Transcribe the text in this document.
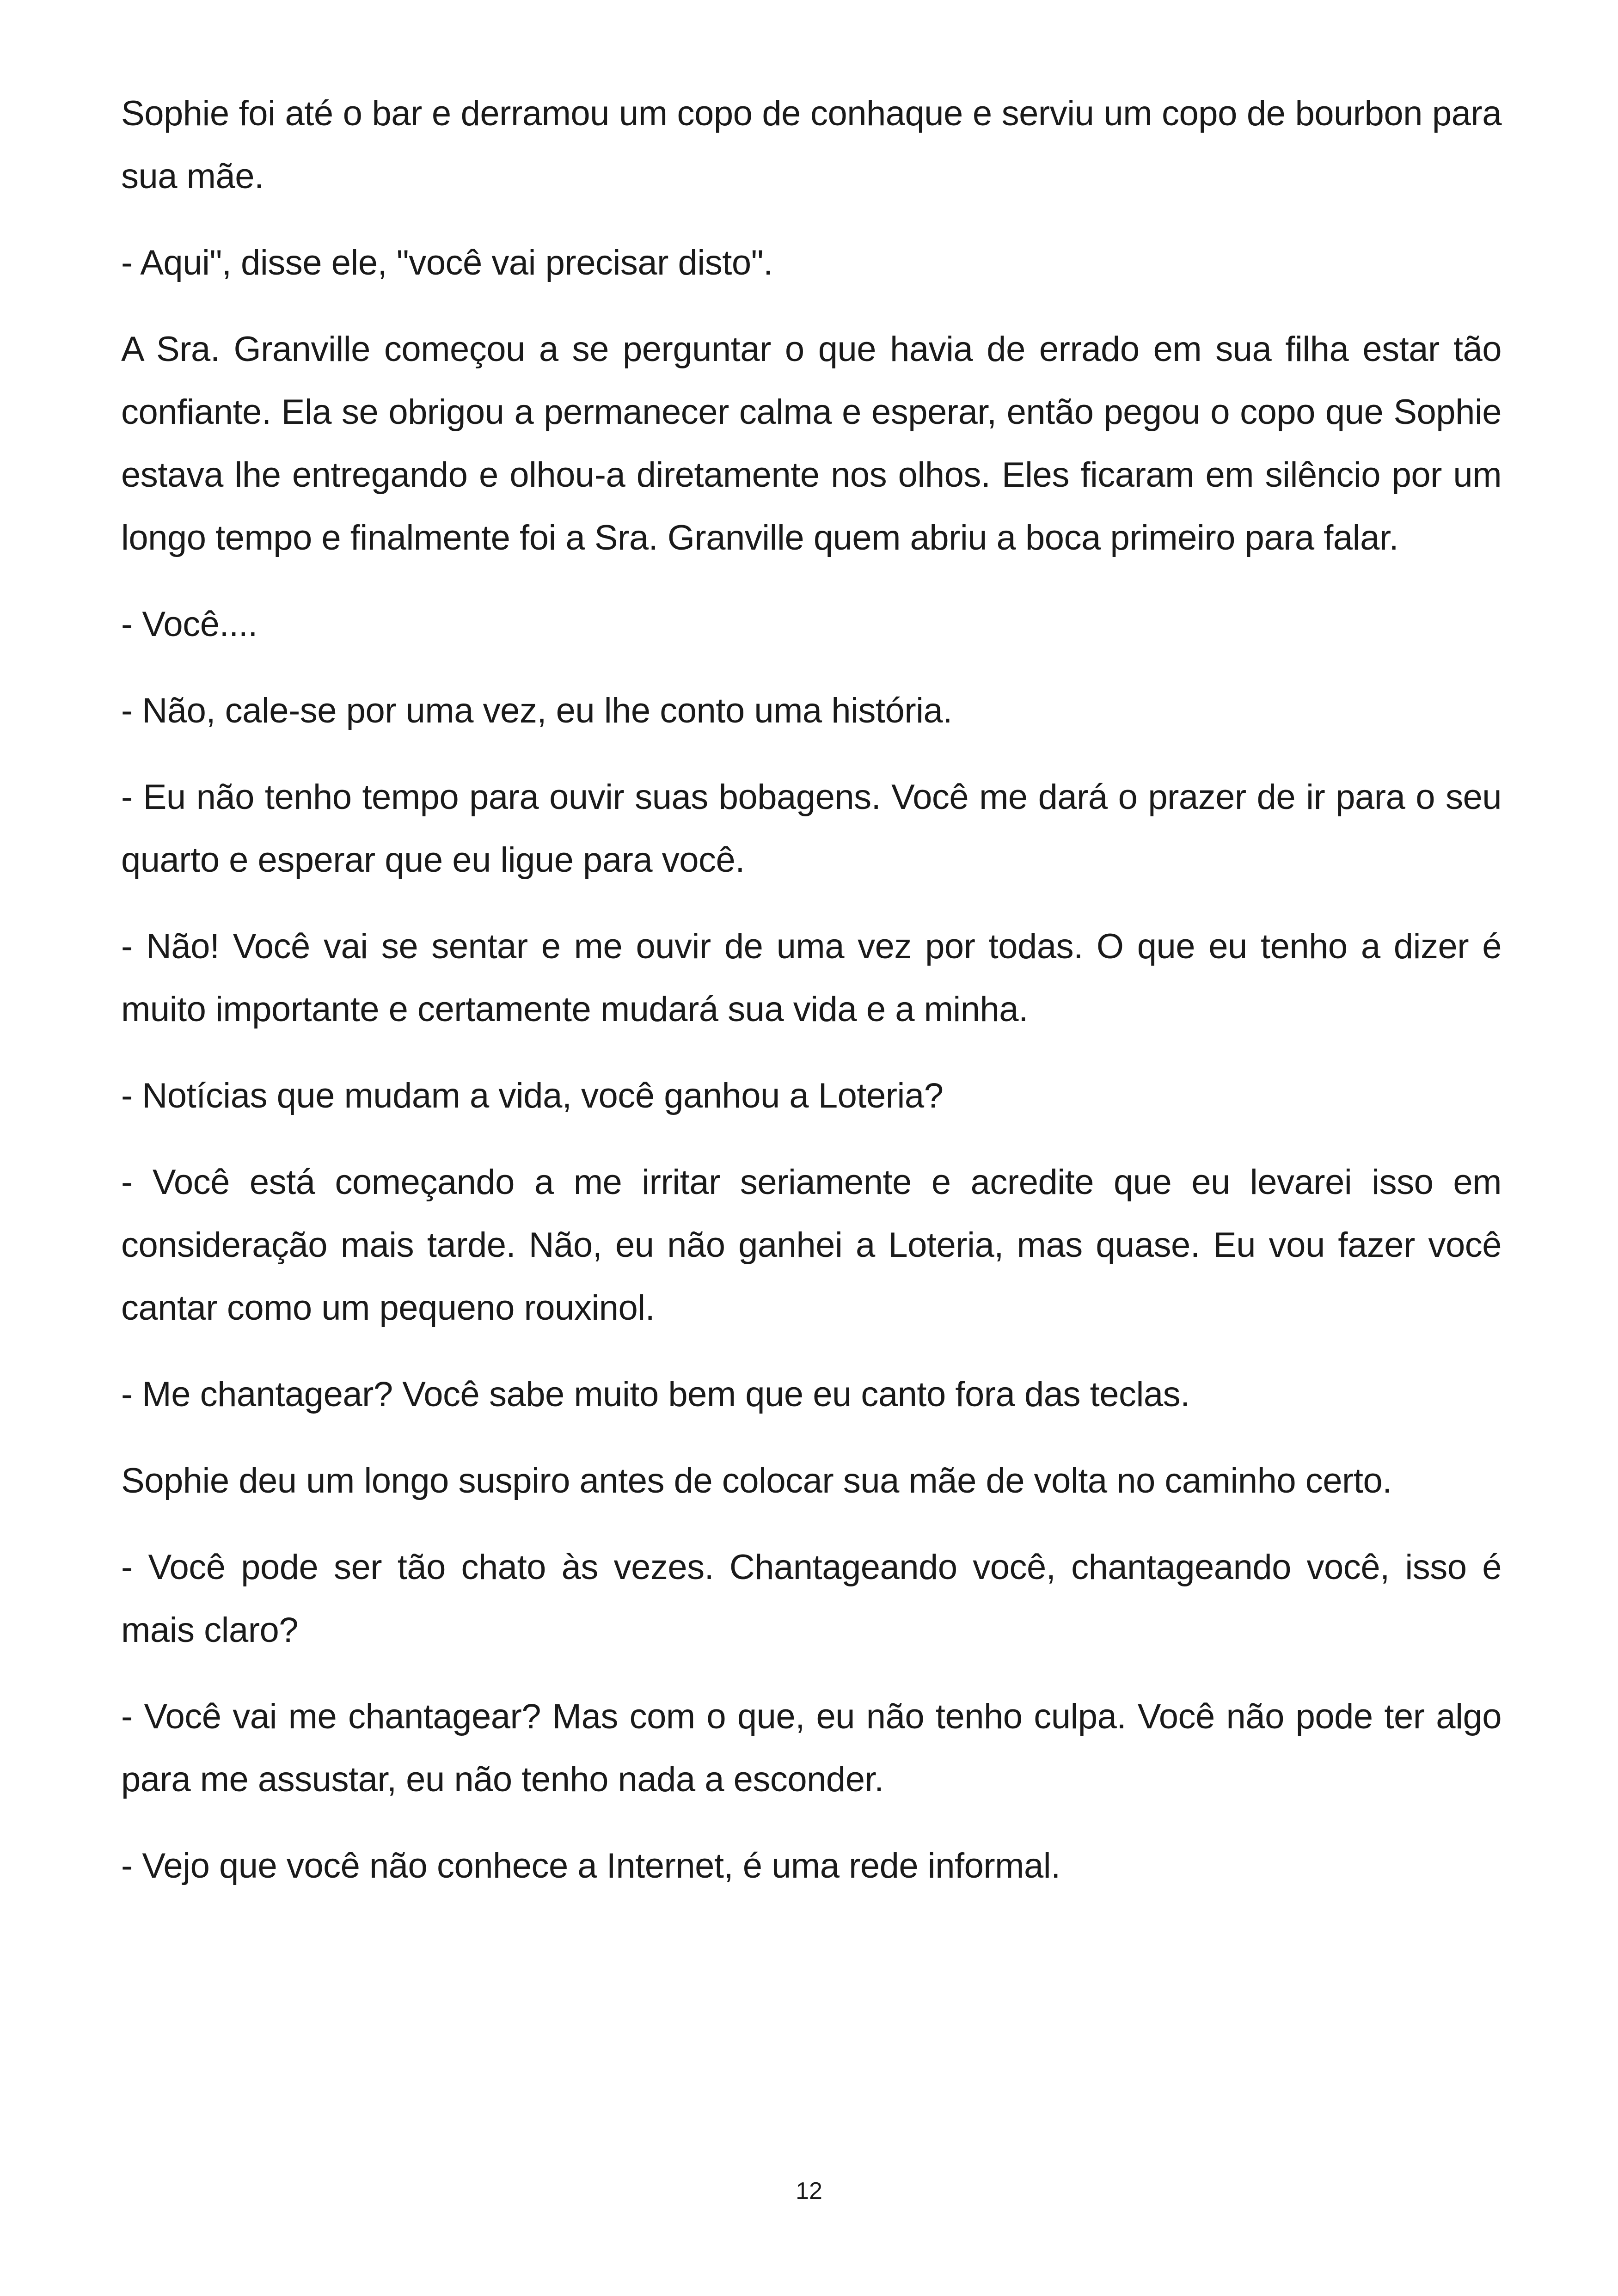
Sophie foi até o bar e derramou um copo de conhaque e serviu um copo de bourbon para sua mãe.

- Aqui", disse ele, "você vai precisar disto".

A Sra. Granville começou a se perguntar o que havia de errado em sua filha estar tão confiante. Ela se obrigou a permanecer calma e esperar, então pegou o copo que Sophie estava lhe entregando e olhou-a diretamente nos olhos. Eles ficaram em silêncio por um longo tempo e finalmente foi a Sra. Granville quem abriu a boca primeiro para falar.

- Você....

- Não, cale-se por uma vez, eu lhe conto uma história.

- Eu não tenho tempo para ouvir suas bobagens. Você me dará o prazer de ir para o seu quarto e esperar que eu ligue para você.

- Não! Você vai se sentar e me ouvir de uma vez por todas. O que eu tenho a dizer é muito importante e certamente mudará sua vida e a minha.

- Notícias que mudam a vida, você ganhou a Loteria?

- Você está começando a me irritar seriamente e acredite que eu levarei isso em consideração mais tarde. Não, eu não ganhei a Loteria, mas quase. Eu vou fazer você cantar como um pequeno rouxinol.

- Me chantagear? Você sabe muito bem que eu canto fora das teclas.

Sophie deu um longo suspiro antes de colocar sua mãe de volta no caminho certo.

- Você pode ser tão chato às vezes. Chantageando você, chantageando você, isso é mais claro?

- Você vai me chantagear? Mas com o que, eu não tenho culpa. Você não pode ter algo para me assustar, eu não tenho nada a esconder.

- Vejo que você não conhece a Internet, é uma rede informal.

12
